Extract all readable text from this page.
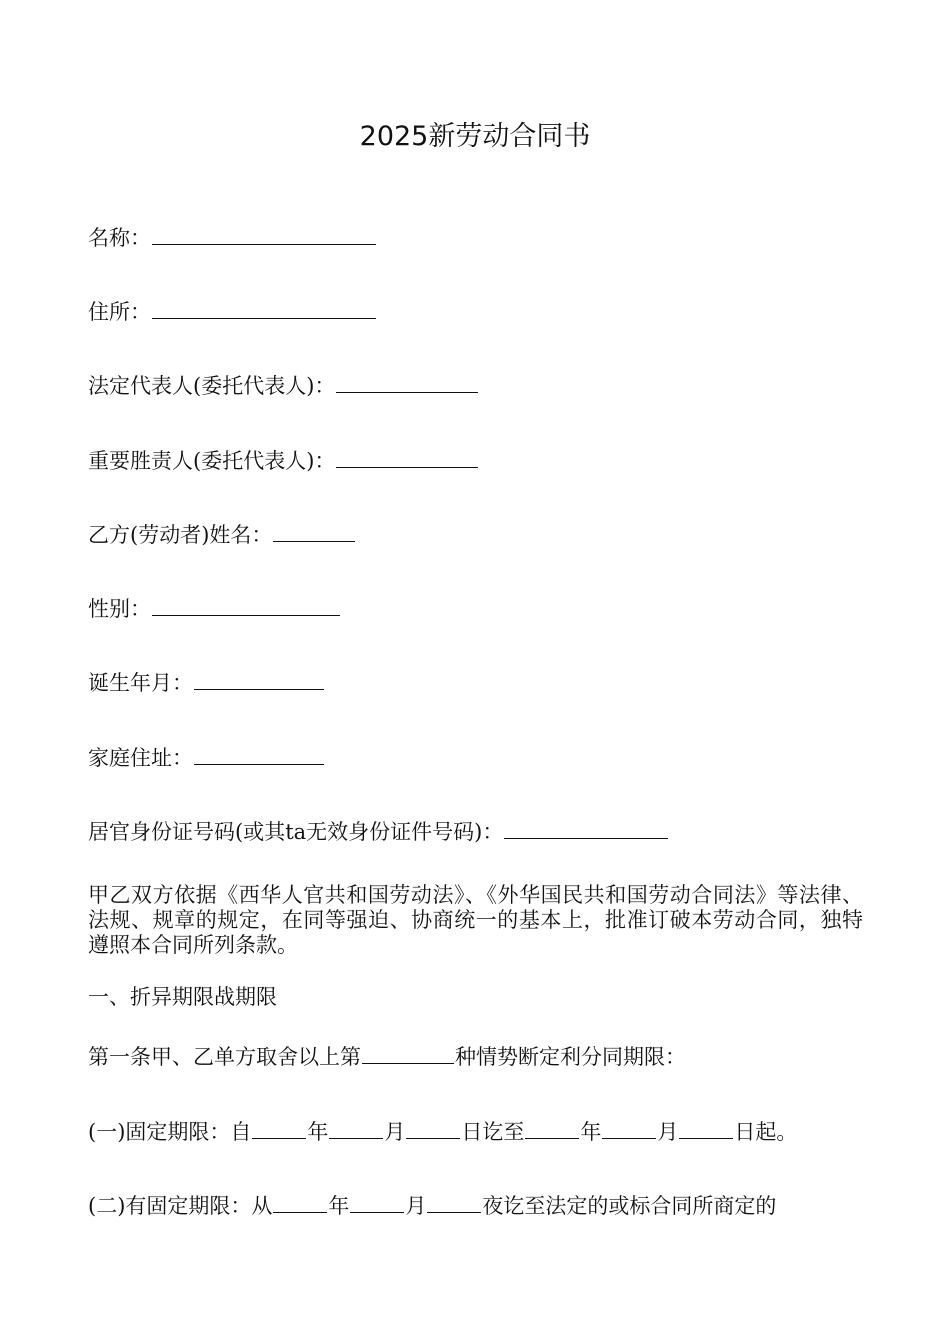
2025新劳动合同书
名称：
住所：
法定代表人(委托代表人)：
重要胜责人(委托代表人)：
乙方(劳动者)姓名：
性别：
诞生年月：
家庭住址：
居官身份证号码(或其ta无效身份证件号码)：
甲乙双方依据《西华人官共和国劳动法》、《外华国民共和国劳动合同法》等法律、法规、规章的规定，在同等强迫、协商统一的基本上，批准订破本劳动合同，独特遵照本合同所列条款。
一、折异期限战期限
第一条甲、乙单方取舍以上第	种情势断定利分同期限：
(一)固定期限：自	年	月	日讫至	年	月	日起。
(二)有固定期限：从	年	月	夜讫至法定的或标合同所商定的
